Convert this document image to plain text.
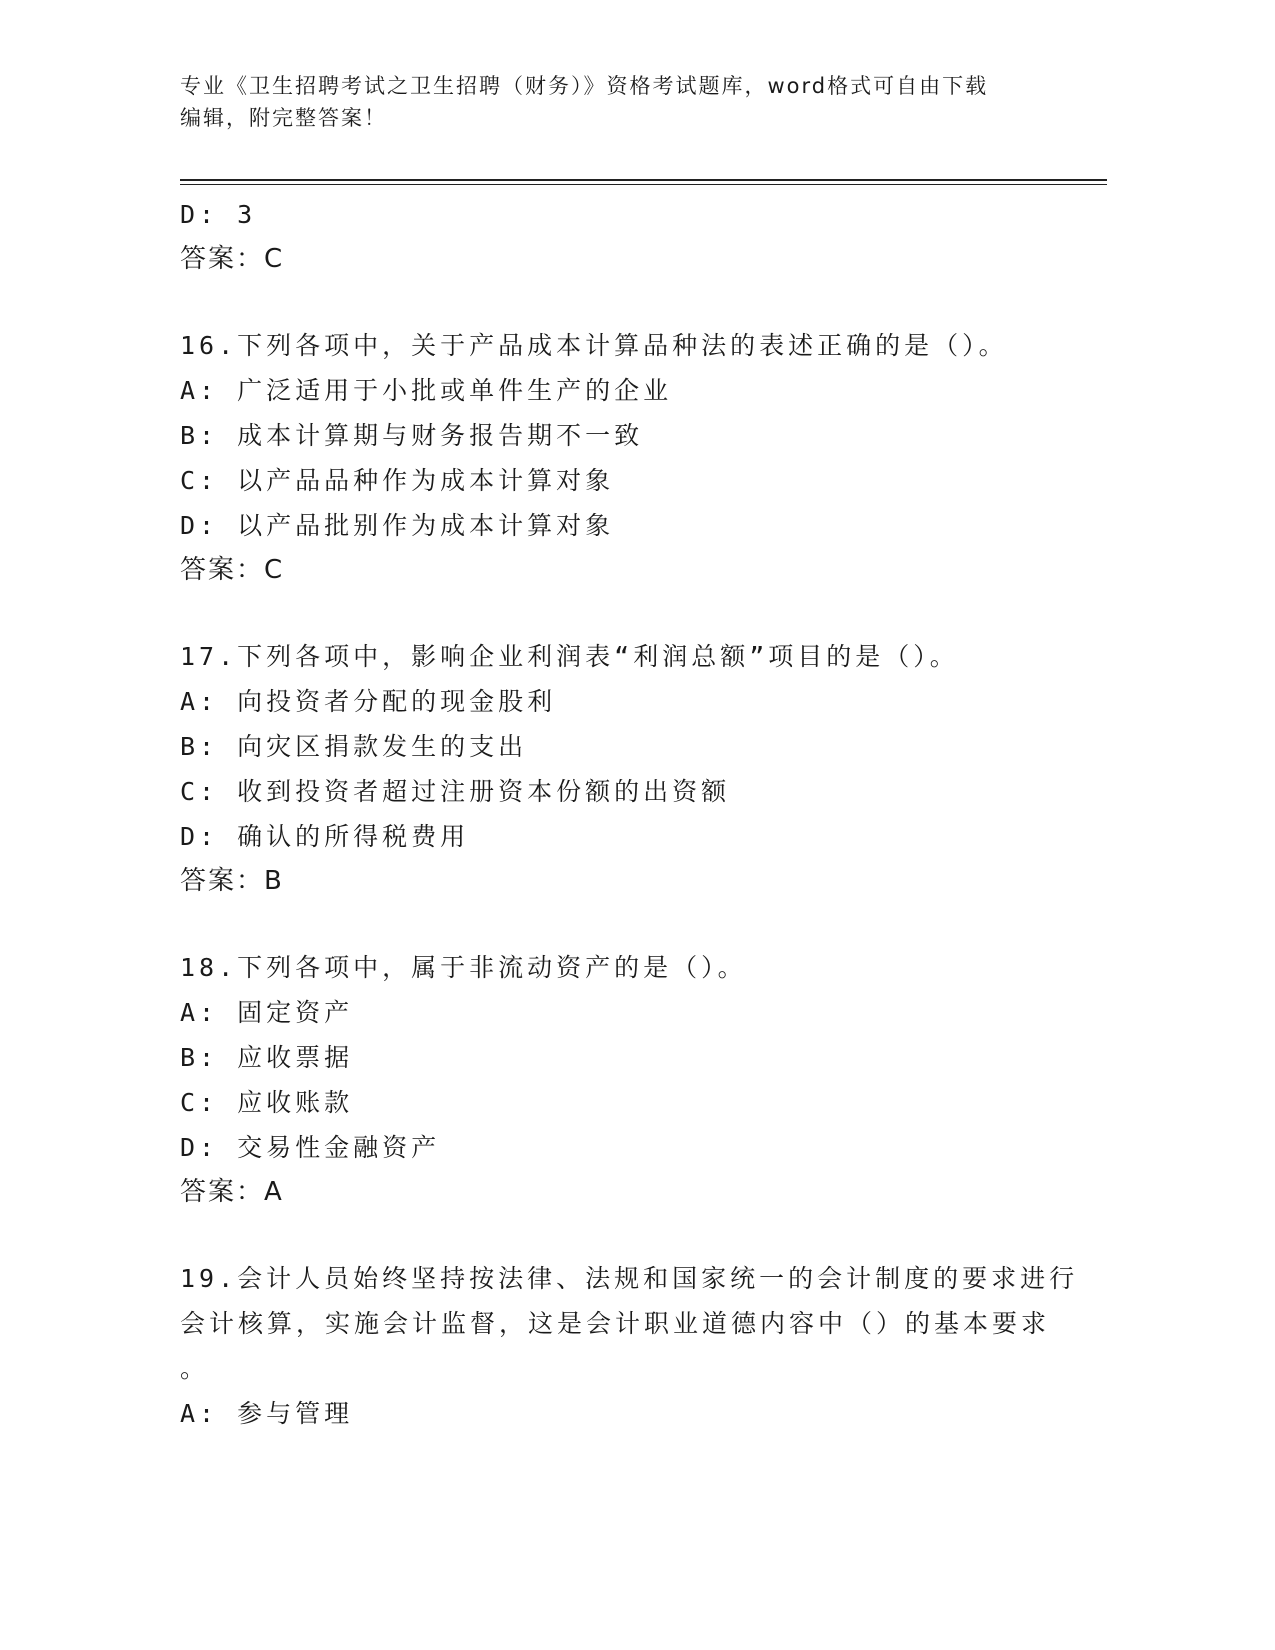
专业《卫生招聘考试之卫生招聘（财务）》资格考试题库，word格式可自由下载
编辑，附完整答案！
D: 3
答案：C
16.下列各项中，关于产品成本计算品种法的表述正确的是（）。
A: 广泛适用于小批或单件生产的企业
B: 成本计算期与财务报告期不一致
C: 以产品品种作为成本计算对象
D: 以产品批别作为成本计算对象
答案：C
17.下列各项中，影响企业利润表“利润总额”项目的是（）。
A: 向投资者分配的现金股利
B: 向灾区捐款发生的支出
C: 收到投资者超过注册资本份额的出资额
D: 确认的所得税费用
答案：B
18.下列各项中，属于非流动资产的是（）。
A: 固定资产
B: 应收票据
C: 应收账款
D: 交易性金融资产
答案：A
19.会计人员始终坚持按法律、法规和国家统一的会计制度的要求进行
会计核算，实施会计监督，这是会计职业道德内容中（）的基本要求
。
A: 参与管理
